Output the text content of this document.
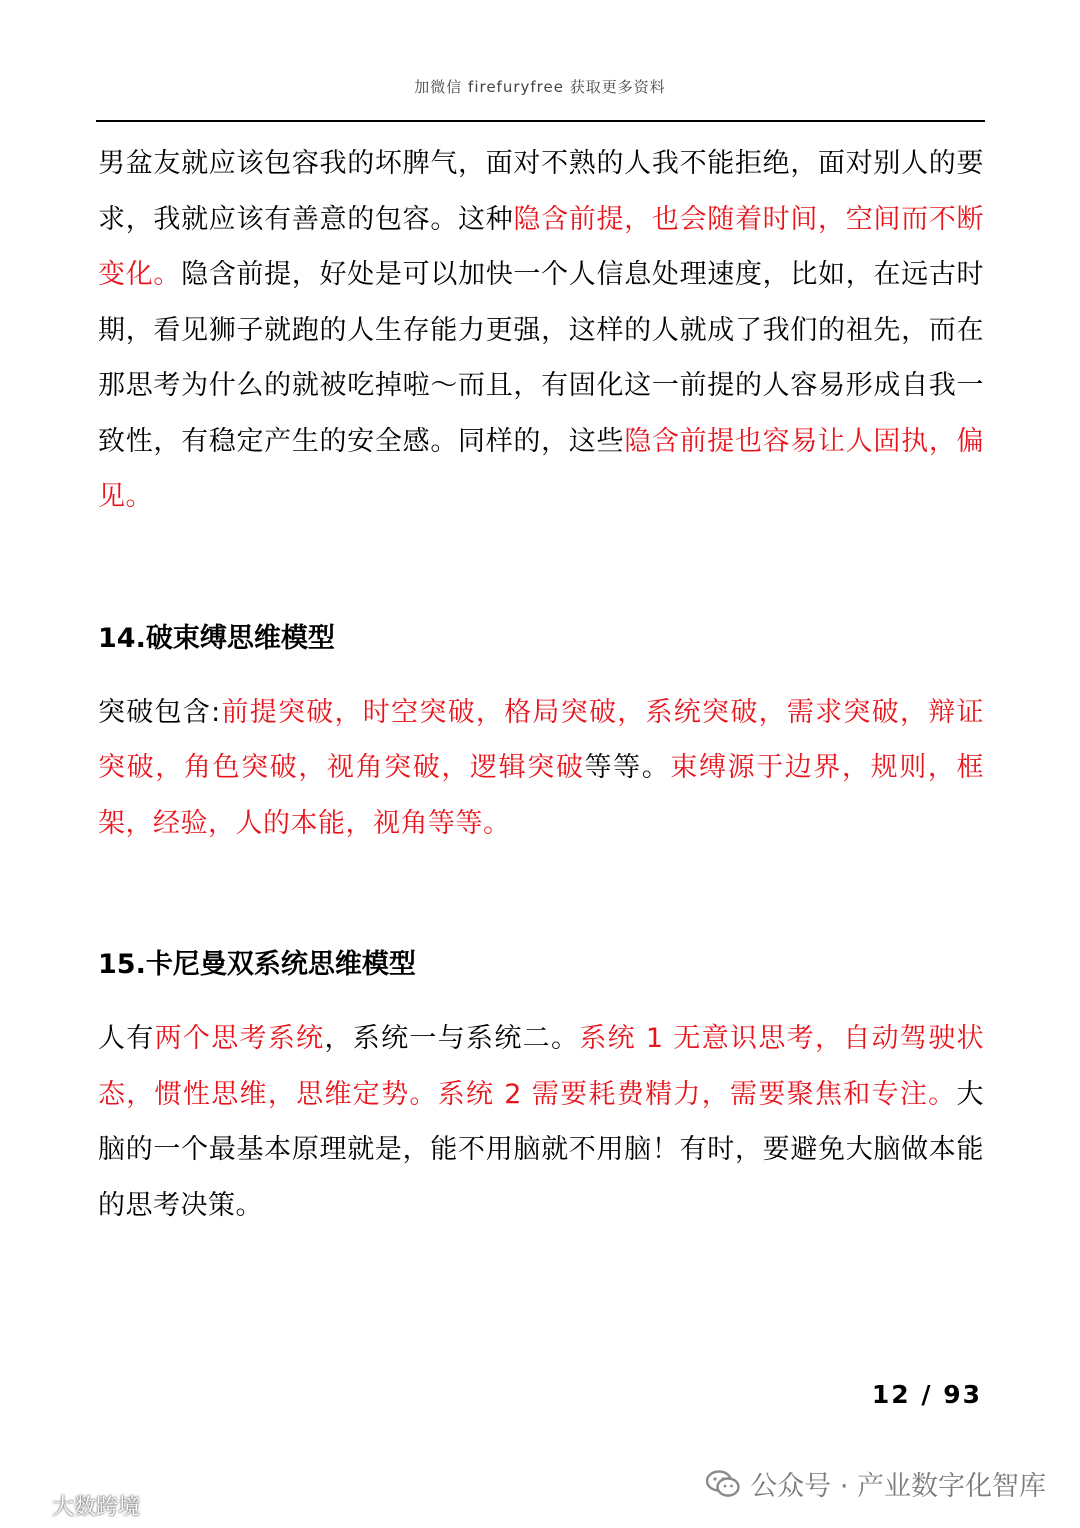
加微信 firefuryfree 获取更多资料

男盆友就应该包容我的坏脾气，面对不熟的人我不能拒绝，面对别人的要求，我就应该有善意的包容。这种隐含前提，也会随着时间，空间而不断变化。隐含前提，好处是可以加快一个人信息处理速度，比如，在远古时期，看见狮子就跑的人生存能力更强，这样的人就成了我们的祖先，而在那思考为什么的就被吃掉啦～而且，有固化这一前提的人容易形成自我一致性，有稳定产生的安全感。同样的，这些隐含前提也容易让人固执，偏见。

14.破束缚思维模型

突破包含:前提突破，时空突破，格局突破，系统突破，需求突破，辩证突破，角色突破，视角突破，逻辑突破等等。束缚源于边界，规则，框架，经验，人的本能，视角等等。

15.卡尼曼双系统思维模型

人有两个思考系统，系统一与系统二。系统 1 无意识思考，自动驾驶状态，惯性思维，思维定势。系统 2 需要耗费精力，需要聚焦和专注。大脑的一个最基本原理就是，能不用脑就不用脑！有时，要避免大脑做本能的思考决策。

12 / 93
公众号 · 产业数字化智库
大数跨境
